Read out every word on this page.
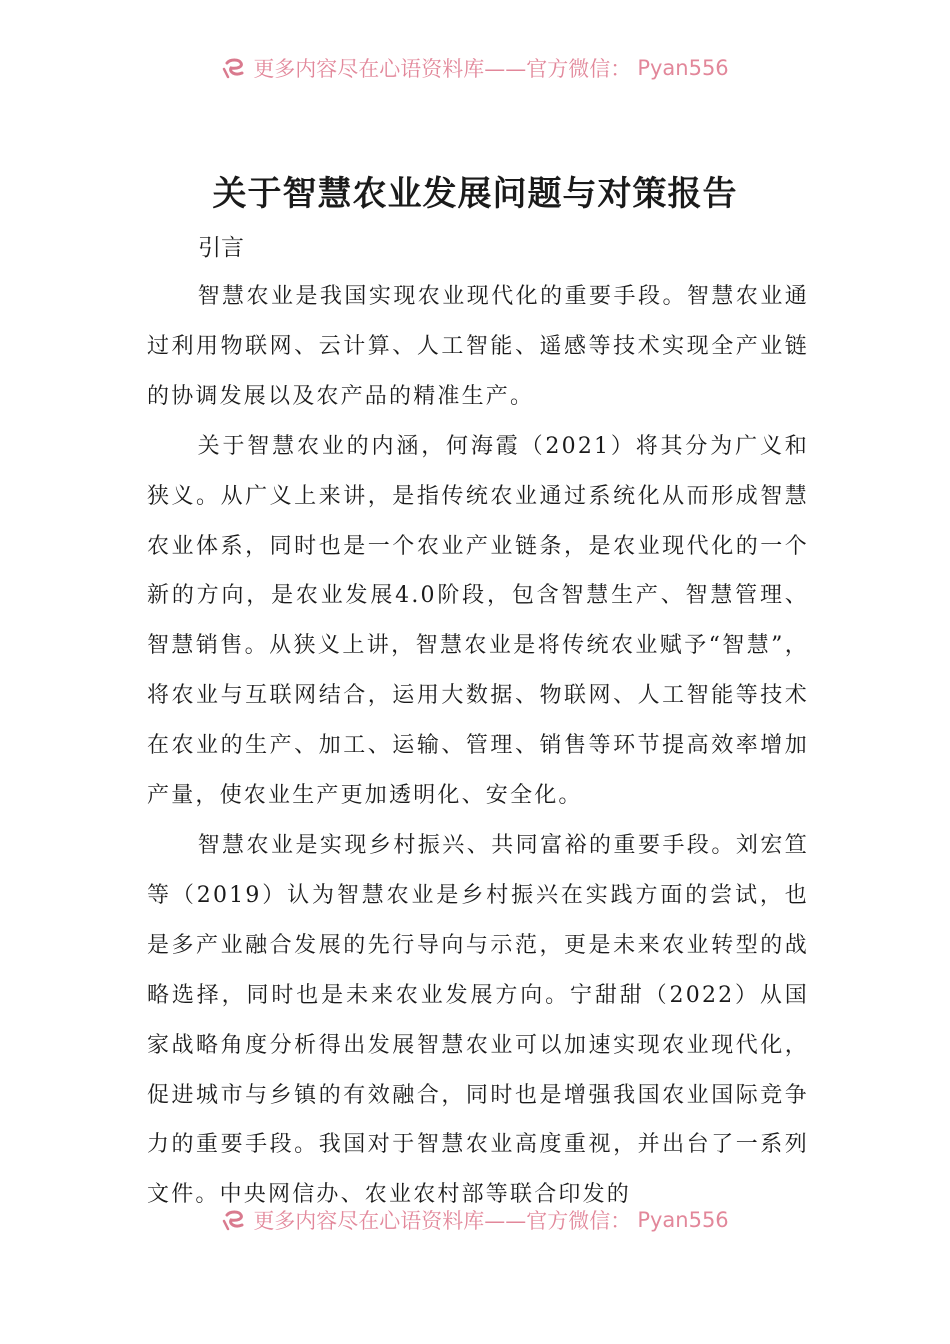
更多内容尽在心语资料库——官方微信： Pyan556
关于智慧农业发展问题与对策报告
引言

智慧农业是我国实现农业现代化的重要手段。智慧农业通过利用物联网、云计算、人工智能、遥感等技术实现全产业链的协调发展以及农产品的精准生产。

关于智慧农业的内涵，何海霞（2021）将其分为广义和狭义。从广义上来讲，是指传统农业通过系统化从而形成智慧农业体系，同时也是一个农业产业链条，是农业现代化的一个新的方向，是农业发展4.0阶段，包含智慧生产、智慧管理、智慧销售。从狭义上讲，智慧农业是将传统农业赋予“智慧”，将农业与互联网结合，运用大数据、物联网、人工智能等技术在农业的生产、加工、运输、管理、销售等环节提高效率增加产量，使农业生产更加透明化、安全化。

智慧农业是实现乡村振兴、共同富裕的重要手段。刘宏笪等（2019）认为智慧农业是乡村振兴在实践方面的尝试，也是多产业融合发展的先行导向与示范，更是未来农业转型的战略选择，同时也是未来农业发展方向。宁甜甜（2022）从国家战略角度分析得出发展智慧农业可以加速实现农业现代化，促进城市与乡镇的有效融合，同时也是增强我国农业国际竞争力的重要手段。我国对于智慧农业高度重视，并出台了一系列文件。中央网信办、农业农村部等联合印发的

更多内容尽在心语资料库——官方微信： Pyan556
